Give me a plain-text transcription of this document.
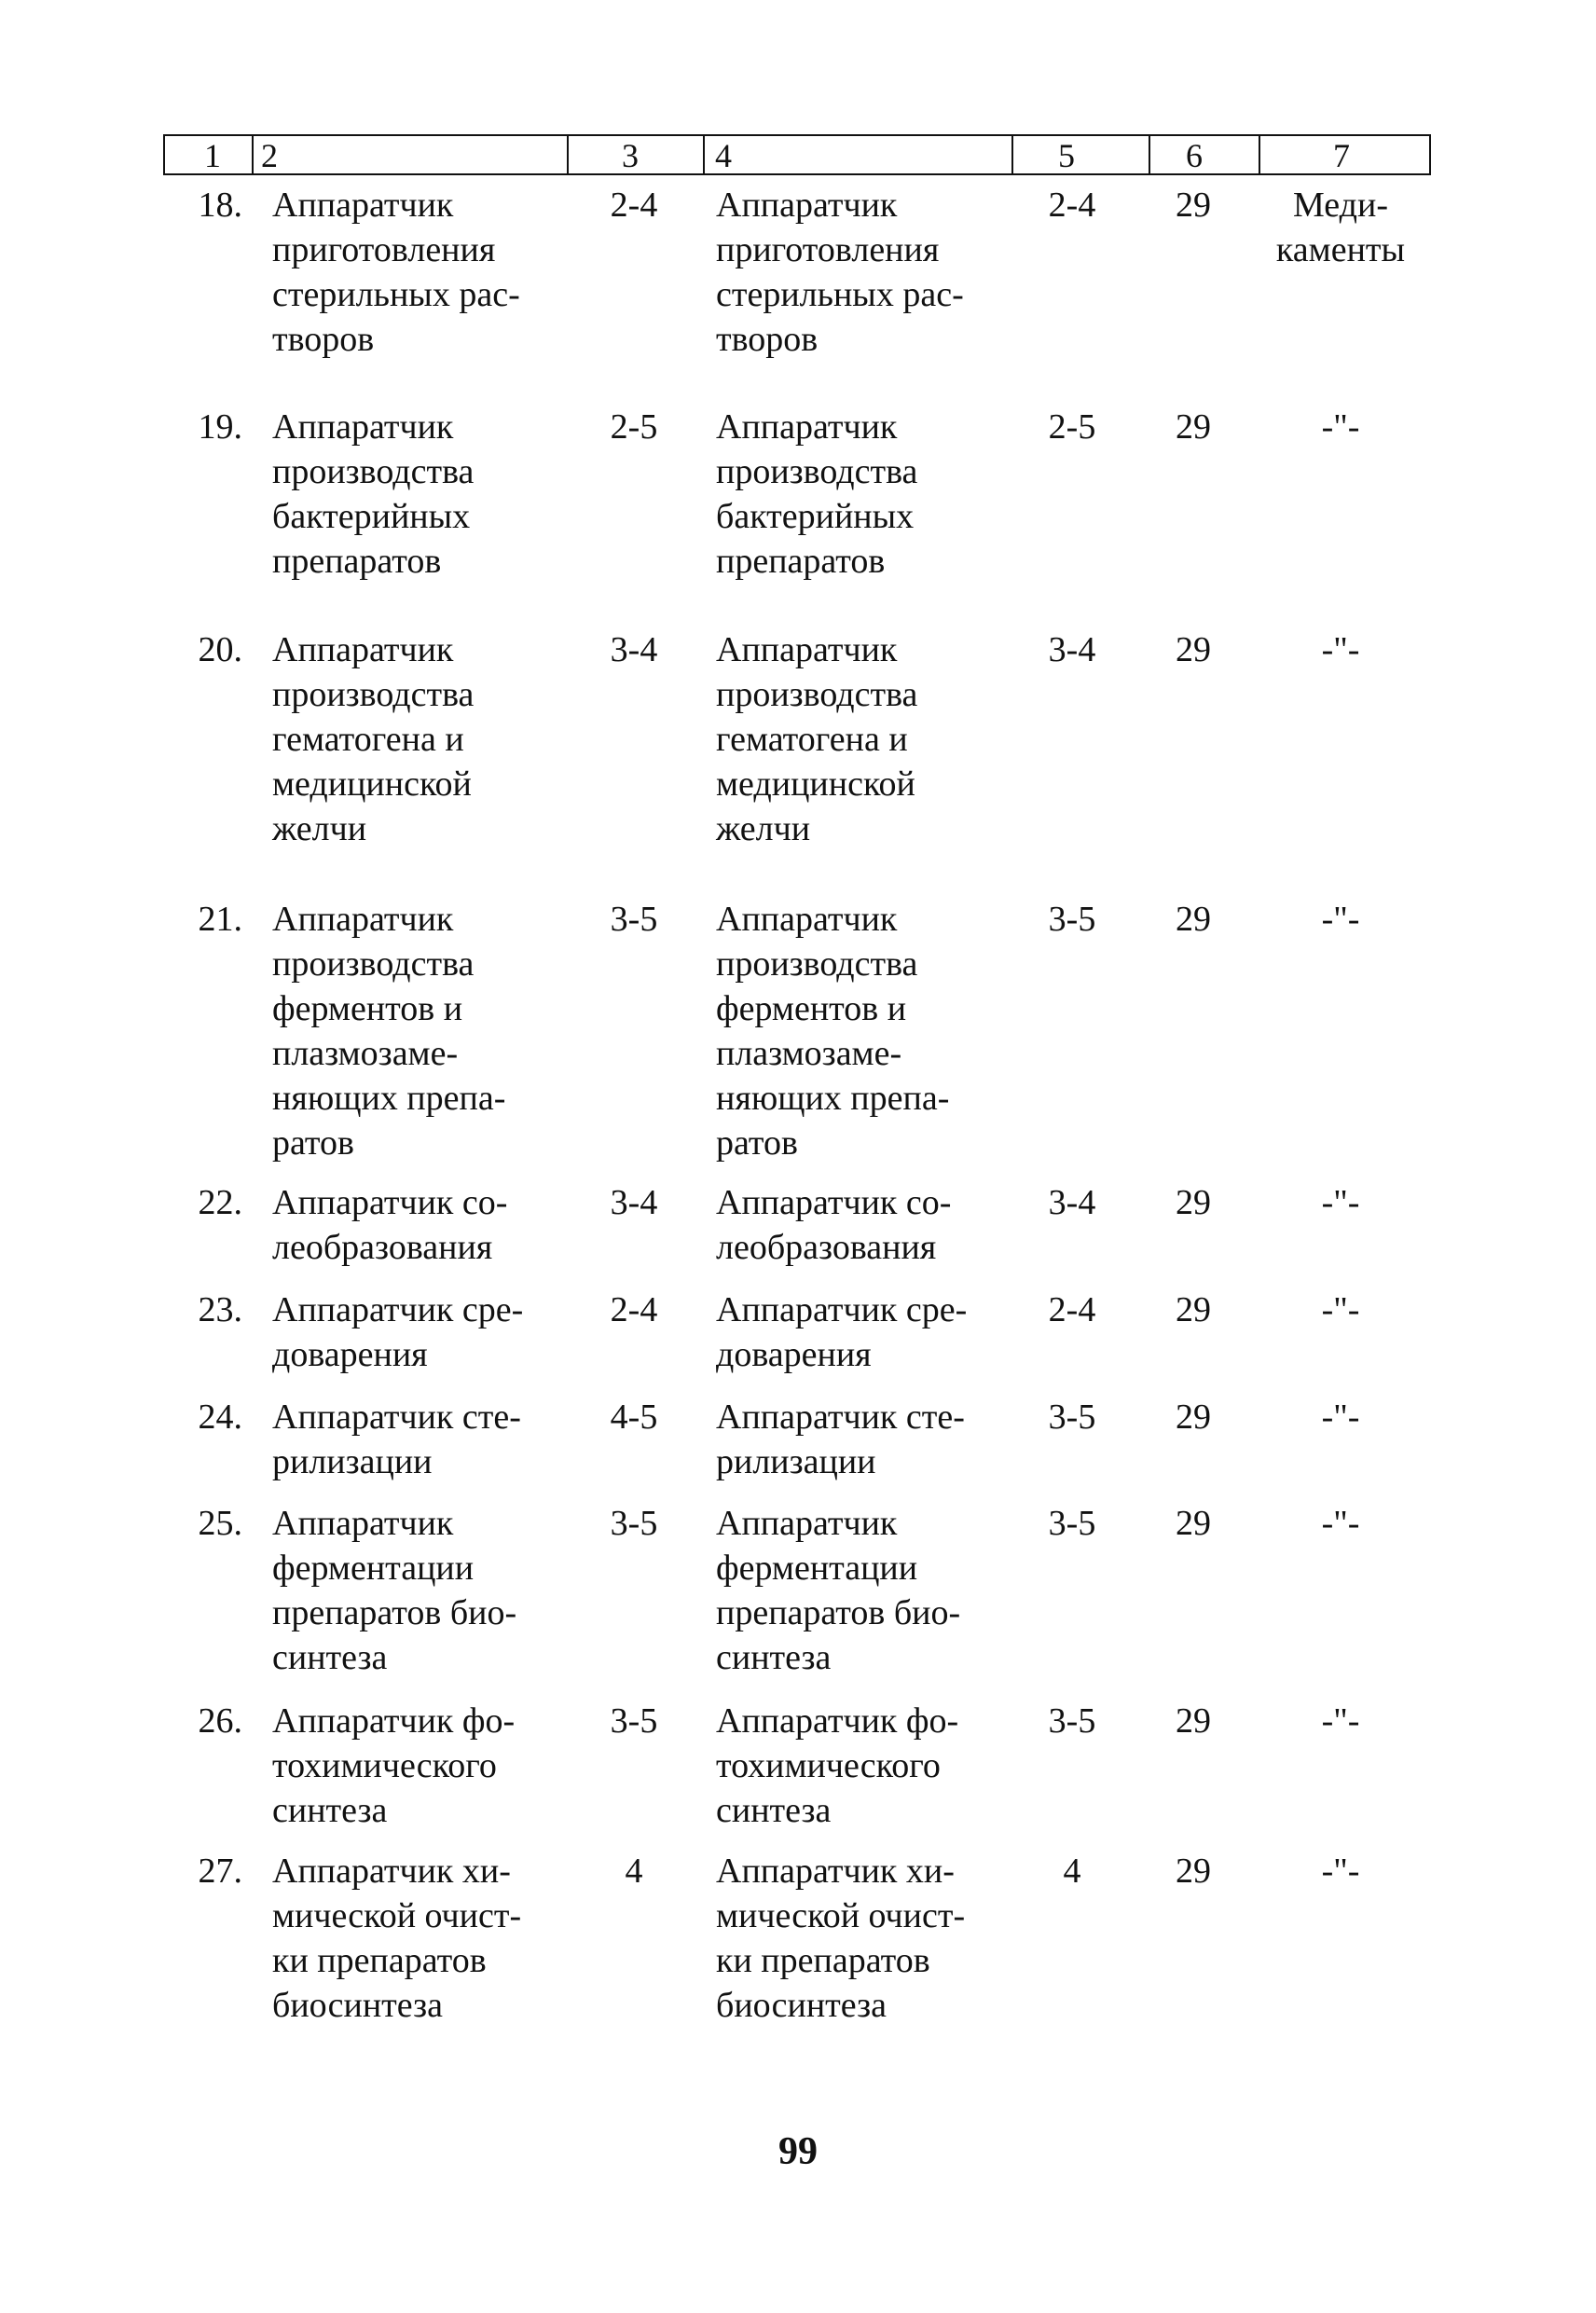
1 2	3 4	5	6	7
18. Аппаратчик
приготовления
стерильных рас-
творов
2-4	Аппаратчик
приготовления
стерильных рас-
творов
2-4	29	Меди-
каменты
19. Аппаратчик
производства
бактерийных
препаратов
2-5	Аппаратчик
производства
бактерийных
препаратов
2-5	29	-"-
20. Аппаратчик
производства
гематогена и
медицинской
желчи
3-4	Аппаратчик
производства
гематогена и
медицинской
желчи
3-4	29	-"-
21. Аппаратчик
производства
ферментов и
плазмозаме-
няющих препа-
ратов
3-5	Аппаратчик
производства
ферментов и
плазмозаме-
няющих препа-
ратов
3-5	29	-"-
22. Аппаратчик со-
леобразования
3-4	Аппаратчик со-
леобразования
3-4	29	-"-
23. Аппаратчик сре-
доварения
2-4	Аппаратчик сре-
доварения
2-4	29	-"-
24. Аппаратчик сте-
рилизации
4-5	Аппаратчик сте-
рилизации
3-5	29	-"-
25. Аппаратчик
ферментации
препаратов био-
синтеза
3-5	Аппаратчик
ферментации
препаратов био-
синтеза
3-5	29	-"-
26. Аппаратчик фо-
тохимического
синтеза
3-5	Аппаратчик фо-
тохимического
синтеза
3-5	29	-"-
27. Аппаратчик хи-
мической очист-
ки препаратов
биосинтеза
4	Аппаратчик хи-
мической очист-
ки препаратов
биосинтеза
4	29	-"-
99
